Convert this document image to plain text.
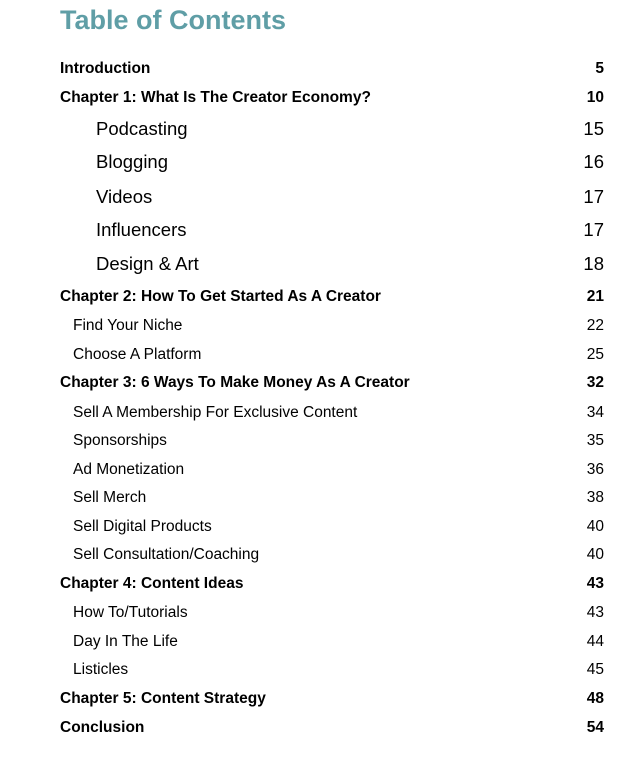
Table of Contents
Introduction	5
Chapter 1: What Is The Creator Economy?	10
Podcasting	15
Blogging	16
Videos	17
Influencers	17
Design & Art	18
Chapter 2: How To Get Started As A Creator	21
Find Your Niche	22
Choose A Platform	25
Chapter 3: 6 Ways To Make Money As A Creator	32
Sell A Membership For Exclusive Content	34
Sponsorships	35
Ad Monetization	36
Sell Merch	38
Sell Digital Products	40
Sell Consultation/Coaching	40
Chapter 4: Content Ideas	43
How To/Tutorials	43
Day In The Life	44
Listicles	45
Chapter 5: Content Strategy	48
Conclusion	54
